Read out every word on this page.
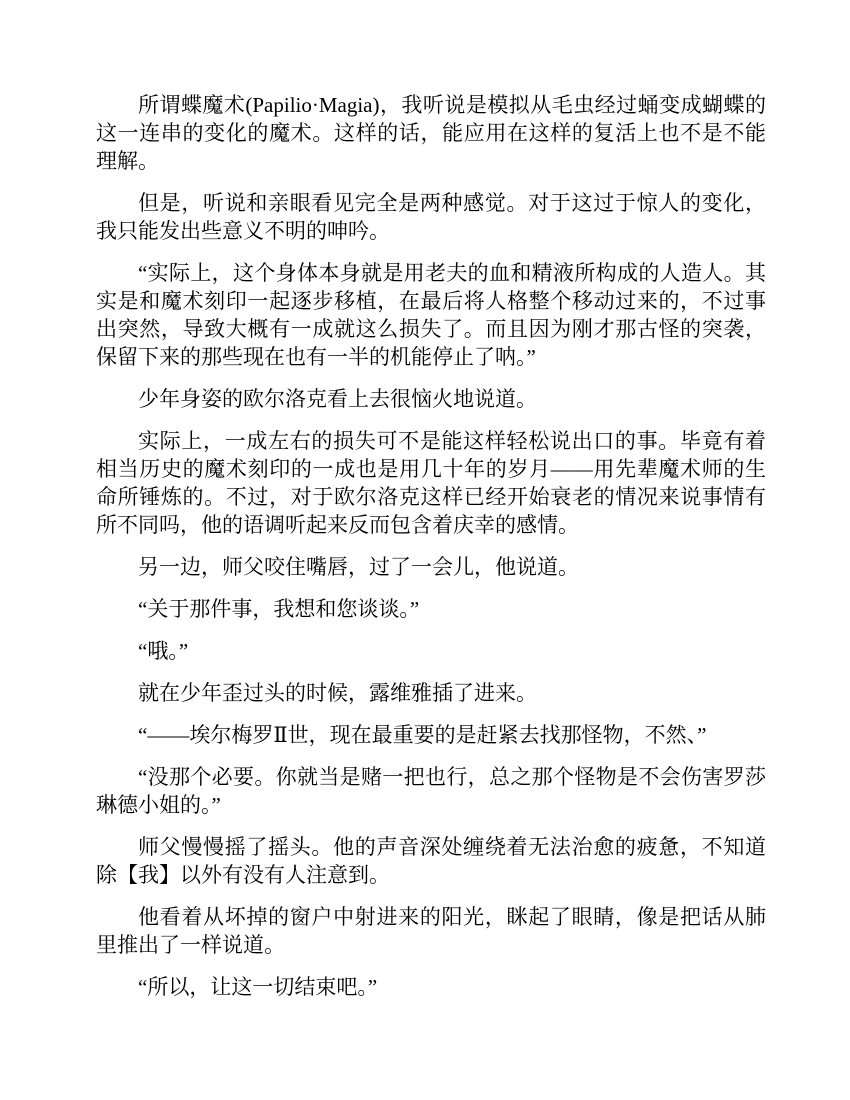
所谓蝶魔术(Papilio·Magia)，我听说是模拟从毛虫经过蛹变成蝴蝶的这一连串的变化的魔术。这样的话，能应用在这样的复活上也不是不能理解。

但是，听说和亲眼看见完全是两种感觉。对于这过于惊人的变化，我只能发出些意义不明的呻吟。

“实际上，这个身体本身就是用老夫的血和精液所构成的人造人。其实是和魔术刻印一起逐步移植，在最后将人格整个移动过来的，不过事出突然，导致大概有一成就这么损失了。而且因为刚才那古怪的突袭，保留下来的那些现在也有一半的机能停止了呐。”

少年身姿的欧尔洛克看上去很恼火地说道。

实际上，一成左右的损失可不是能这样轻松说出口的事。毕竟有着相当历史的魔术刻印的一成也是用几十年的岁月——用先辈魔术师的生命所锤炼的。不过，对于欧尔洛克这样已经开始衰老的情况来说事情有所不同吗，他的语调听起来反而包含着庆幸的感情。

另一边，师父咬住嘴唇，过了一会儿，他说道。

“关于那件事，我想和您谈谈。”

“哦。”

就在少年歪过头的时候，露维雅插了进来。

“——埃尔梅罗Ⅱ世，现在最重要的是赶紧去找那怪物，不然、”

“没那个必要。你就当是赌一把也行，总之那个怪物是不会伤害罗莎琳德小姐的。”

师父慢慢摇了摇头。他的声音深处缠绕着无法治愈的疲惫，不知道除【我】以外有没有人注意到。

他看着从坏掉的窗户中射进来的阳光，眯起了眼睛，像是把话从肺里推出了一样说道。

“所以，让这一切结束吧。”
